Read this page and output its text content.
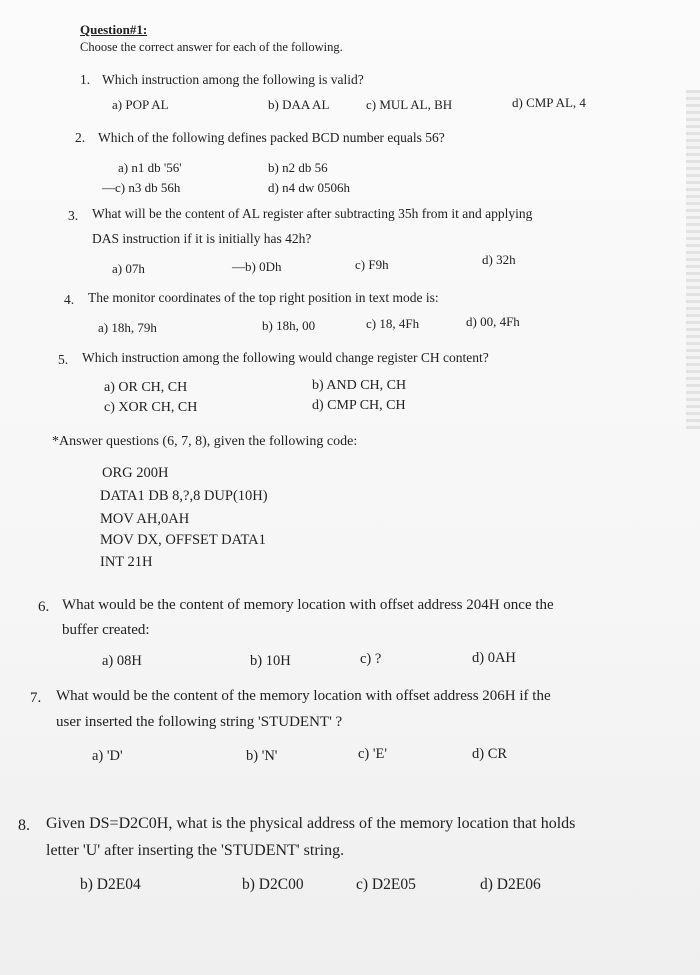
Question#1:
Choose the correct answer for each of the following.
1. Which instruction among the following is valid?
a) POP AL	b) DAA AL	c) MUL AL, BH	d) CMP AL, 4
2. Which of the following defines packed BCD number equals 56?
a) n1 db '56'	b) n2 db 56
—c) n3 db 56h	d) n4 dw 0506h
3. What will be the content of AL register after subtracting 35h from it and applying
DAS instruction if it is initially has 42h?
a) 07h	—b) 0Dh	c) F9h	d) 32h
4. The monitor coordinates of the top right position in text mode is:
a) 18h, 79h	b) 18h, 00	c) 18, 4Fh	d) 00, 4Fh
5. Which instruction among the following would change register CH content?
a) OR CH, CH	b) AND CH, CH
c) XOR CH, CH	d) CMP CH, CH
*Answer questions (6, 7, 8), given the following code:
ORG 200H
DATA1 DB 8,?,8 DUP(10H)
MOV AH,0AH
MOV DX, OFFSET DATA1
INT 21H
6. What would be the content of memory location with offset address 204H once the
buffer created:
a) 08H	b) 10H	c) ?	d) 0AH
7. What would be the content of the memory location with offset address 206H if the
user inserted the following string 'STUDENT' ?
a) 'D'	b) 'N'	c) 'E'	d) CR
8. Given DS=D2C0H, what is the physical address of the memory location that holds
letter 'U' after inserting the 'STUDENT' string.
b) D2E04	b) D2C00	c) D2E05	d) D2E06
